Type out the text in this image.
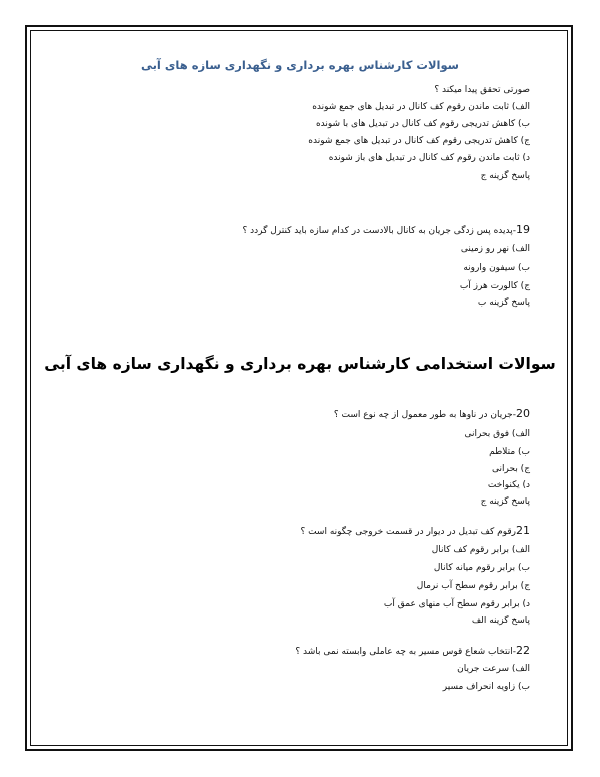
سوالات کارشناس بهره برداری و نگهداری سازه های آبی
صورتی تحقق پیدا میکند ؟
الف) ثابت ماندن رقوم کف کانال در تبدیل های جمع شونده
ب) کاهش تدریجی رقوم کف کانال در تبدیل های با شونده
ج) کاهش تدریجی رقوم کف کانال در تبدیل های جمع شونده
د) ثابت ماندن رقوم کف کانال در تبدیل های باز شونده
پاسخ گزینه ج
19-پدیده پس زدگی جریان به کانال بالادست در کدام سازه باید کنترل گردد ؟
الف) نهر رو زمینی
ب) سیفون وارونه
ج) کالورت هرز آب
پاسخ گزینه ب
سوالات استخدامی کارشناس بهره برداری و نگهداری سازه های آبی
20-جریان در ناوها به طور معمول از چه نوع است ؟
الف) فوق بحرانی
ب) متلاطم
ج) بحرانی
د) یکنواخت
پاسخ گزینه ج
21رقوم کف تبدیل در دیوار در قسمت خروجی چگونه است ؟
الف) برابر رقوم کف کانال
ب) برابر رقوم میانه کانال
ج) برابر رقوم سطح آب نرمال
د) برابر رقوم سطح آب منهای عمق آب
پاسخ گزینه الف
22-انتخاب شعاع قوس مسیر به چه عاملی وابسته نمی باشد ؟
الف) سرعت جریان
ب) زاویه انحراف مسیر
